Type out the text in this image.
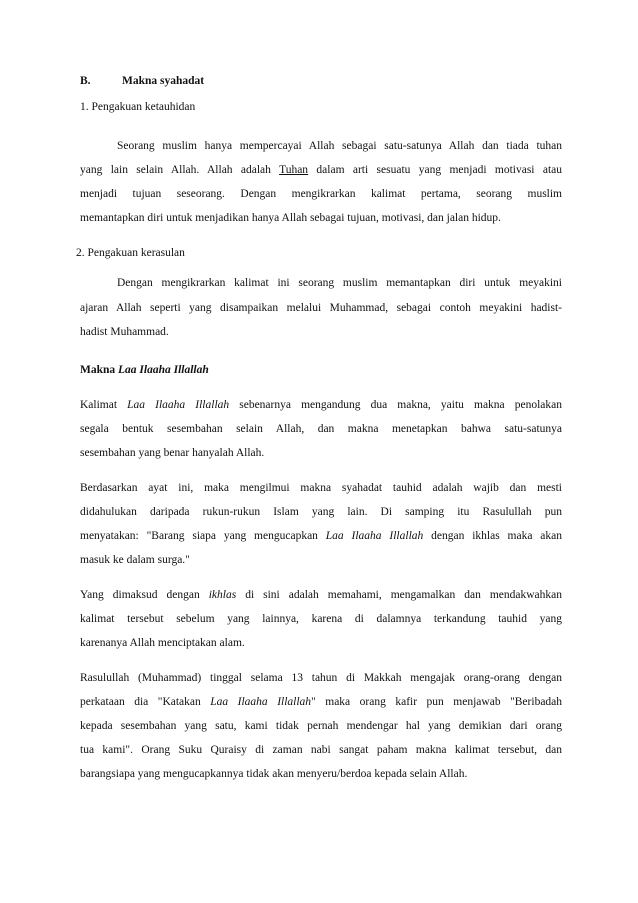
B.	Makna syahadat
1. Pengakuan ketauhidan
Seorang muslim hanya mempercayai Allah sebagai satu-satunya Allah dan tiada tuhan
yang lain selain Allah. Allah adalah Tuhan dalam arti sesuatu yang menjadi motivasi atau
menjadi tujuan seseorang. Dengan mengikrarkan kalimat pertama, seorang muslim
memantapkan diri untuk menjadikan hanya Allah sebagai tujuan, motivasi, dan jalan hidup.
2. Pengakuan kerasulan
Dengan mengikrarkan kalimat ini seorang muslim memantapkan diri untuk meyakini
ajaran Allah seperti yang disampaikan melalui Muhammad, sebagai contoh meyakini hadist-
hadist Muhammad.
Makna Laa Ilaaha Illallah
Kalimat Laa Ilaaha Illallah sebenarnya mengandung dua makna, yaitu makna penolakan
segala bentuk sesembahan selain Allah, dan makna menetapkan bahwa satu-satunya
sesembahan yang benar hanyalah Allah.
Berdasarkan ayat ini, maka mengilmui makna syahadat tauhid adalah wajib dan mesti
didahulukan daripada rukun-rukun Islam yang lain. Di samping itu Rasulullah pun
menyatakan: "Barang siapa yang mengucapkan Laa Ilaaha Illallah dengan ikhlas maka akan
masuk ke dalam surga."
Yang dimaksud dengan ikhlas di sini adalah memahami, mengamalkan dan mendakwahkan
kalimat tersebut sebelum yang lainnya, karena di dalamnya terkandung tauhid yang
karenanya Allah menciptakan alam.
Rasulullah (Muhammad) tinggal selama 13 tahun di Makkah mengajak orang-orang dengan
perkataan dia "Katakan Laa Ilaaha Illallah" maka orang kafir pun menjawab "Beribadah
kepada sesembahan yang satu, kami tidak pernah mendengar hal yang demikian dari orang
tua kami". Orang Suku Quraisy di zaman nabi sangat paham makna kalimat tersebut, dan
barangsiapa yang mengucapkannya tidak akan menyeru/berdoa kepada selain Allah.
